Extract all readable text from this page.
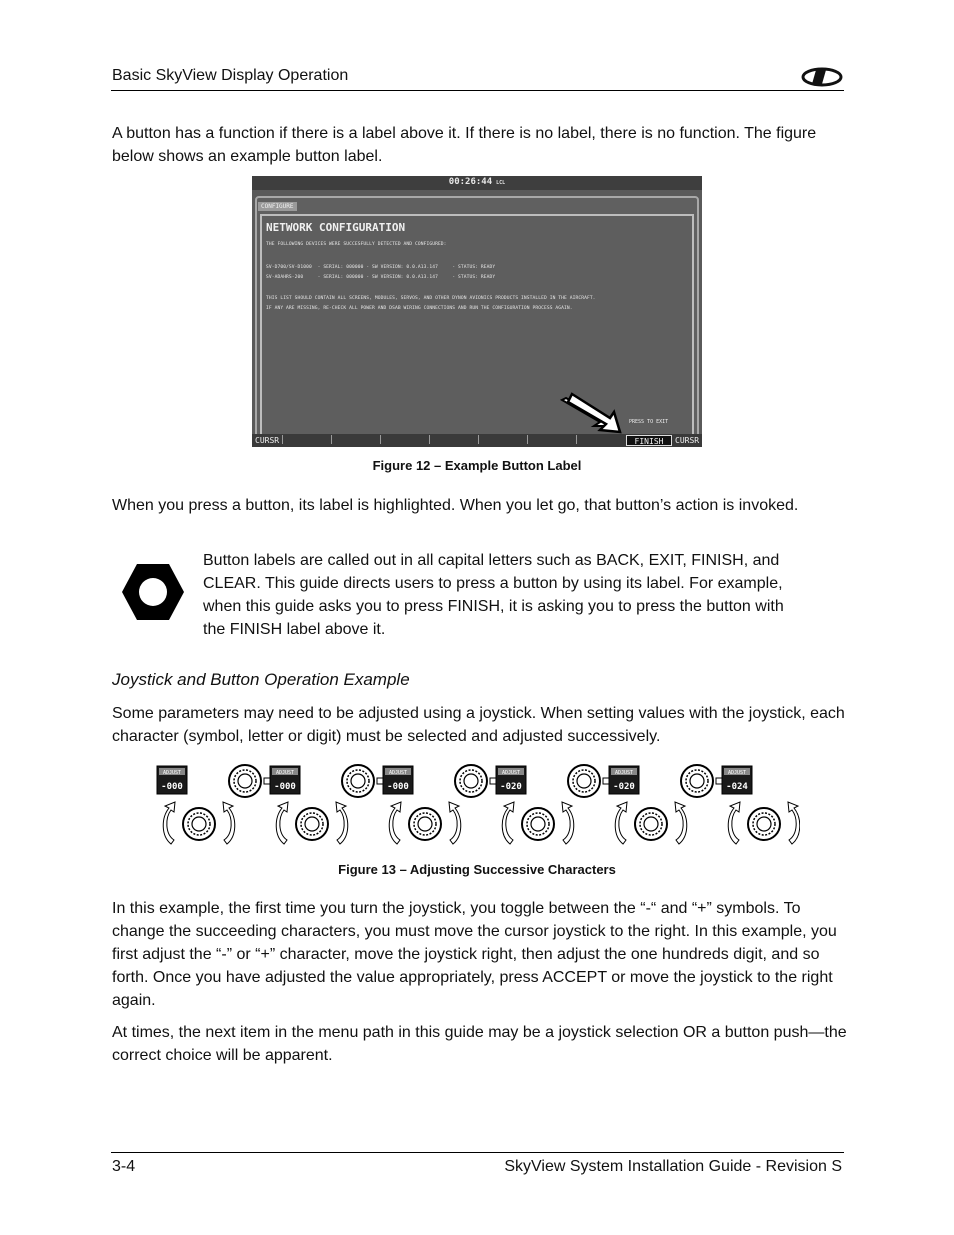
Basic SkyView Display Operation
A button has a function if there is a label above it. If there is no label, there is no function. The figure below shows an example button label.
00:26:44 LCL
CONFIGURE
NETWORK CONFIGURATION
THE FOLLOWING DEVICES WERE SUCCESFULLY DETECTED AND CONFIGURED:
SV-D700/SV-D1000  - SERIAL: 000000 - SW VERSION: 0.0.A13.147     - STATUS: READY
SV-ADAHRS-200     - SERIAL: 000000 - SW VERSION: 0.0.A13.147     - STATUS: READY
THIS LIST SHOULD CONTAIN ALL SCREENS, MODULES, SERVOS, AND OTHER DYNON AVIONICS PRODUCTS INSTALLED IN THE AIRCRAFT.
IF ANY ARE MISSING, RE-CHECK ALL POWER AND DSAB WIRING CONNECTIONS AND RUN THE CONFIGURATION PROCESS AGAIN.
PRESS TO EXIT
CURSR	FINISH	CURSR
Figure 12 – Example Button Label
When you press a button, its label is highlighted. When you let go, that button’s action is invoked.
Button labels are called out in all capital letters such as BACK, EXIT, FINISH, and
CLEAR. This guide directs users to press a button by using its label. For example,
when this guide asks you to press FINISH, it is asking you to press the button with
the FINISH label above it.
Joystick and Button Operation Example
Some parameters may need to be adjusted using a joystick. When setting values with the joystick, each character (symbol, letter or digit) must be selected and adjusted successively.
ADJUST
-000
ADJUST
-000
ADJUST
-000
ADJUST
-020
ADJUST
-020
ADJUST
-024
Figure 13 – Adjusting Successive Characters
In this example, the first time you turn the joystick, you toggle between the “-“ and “+” symbols. To change the succeeding characters, you must move the cursor joystick to the right. In this example, you first adjust the “-” or “+” character, move the joystick right, then adjust the one hundreds digit, and so forth. Once you have adjusted the value appropriately, press ACCEPT or move the joystick to the right again.
At times, the next item in the menu path in this guide may be a joystick selection OR a button push—the correct choice will be apparent.
3-4	SkyView System Installation Guide - Revision S
